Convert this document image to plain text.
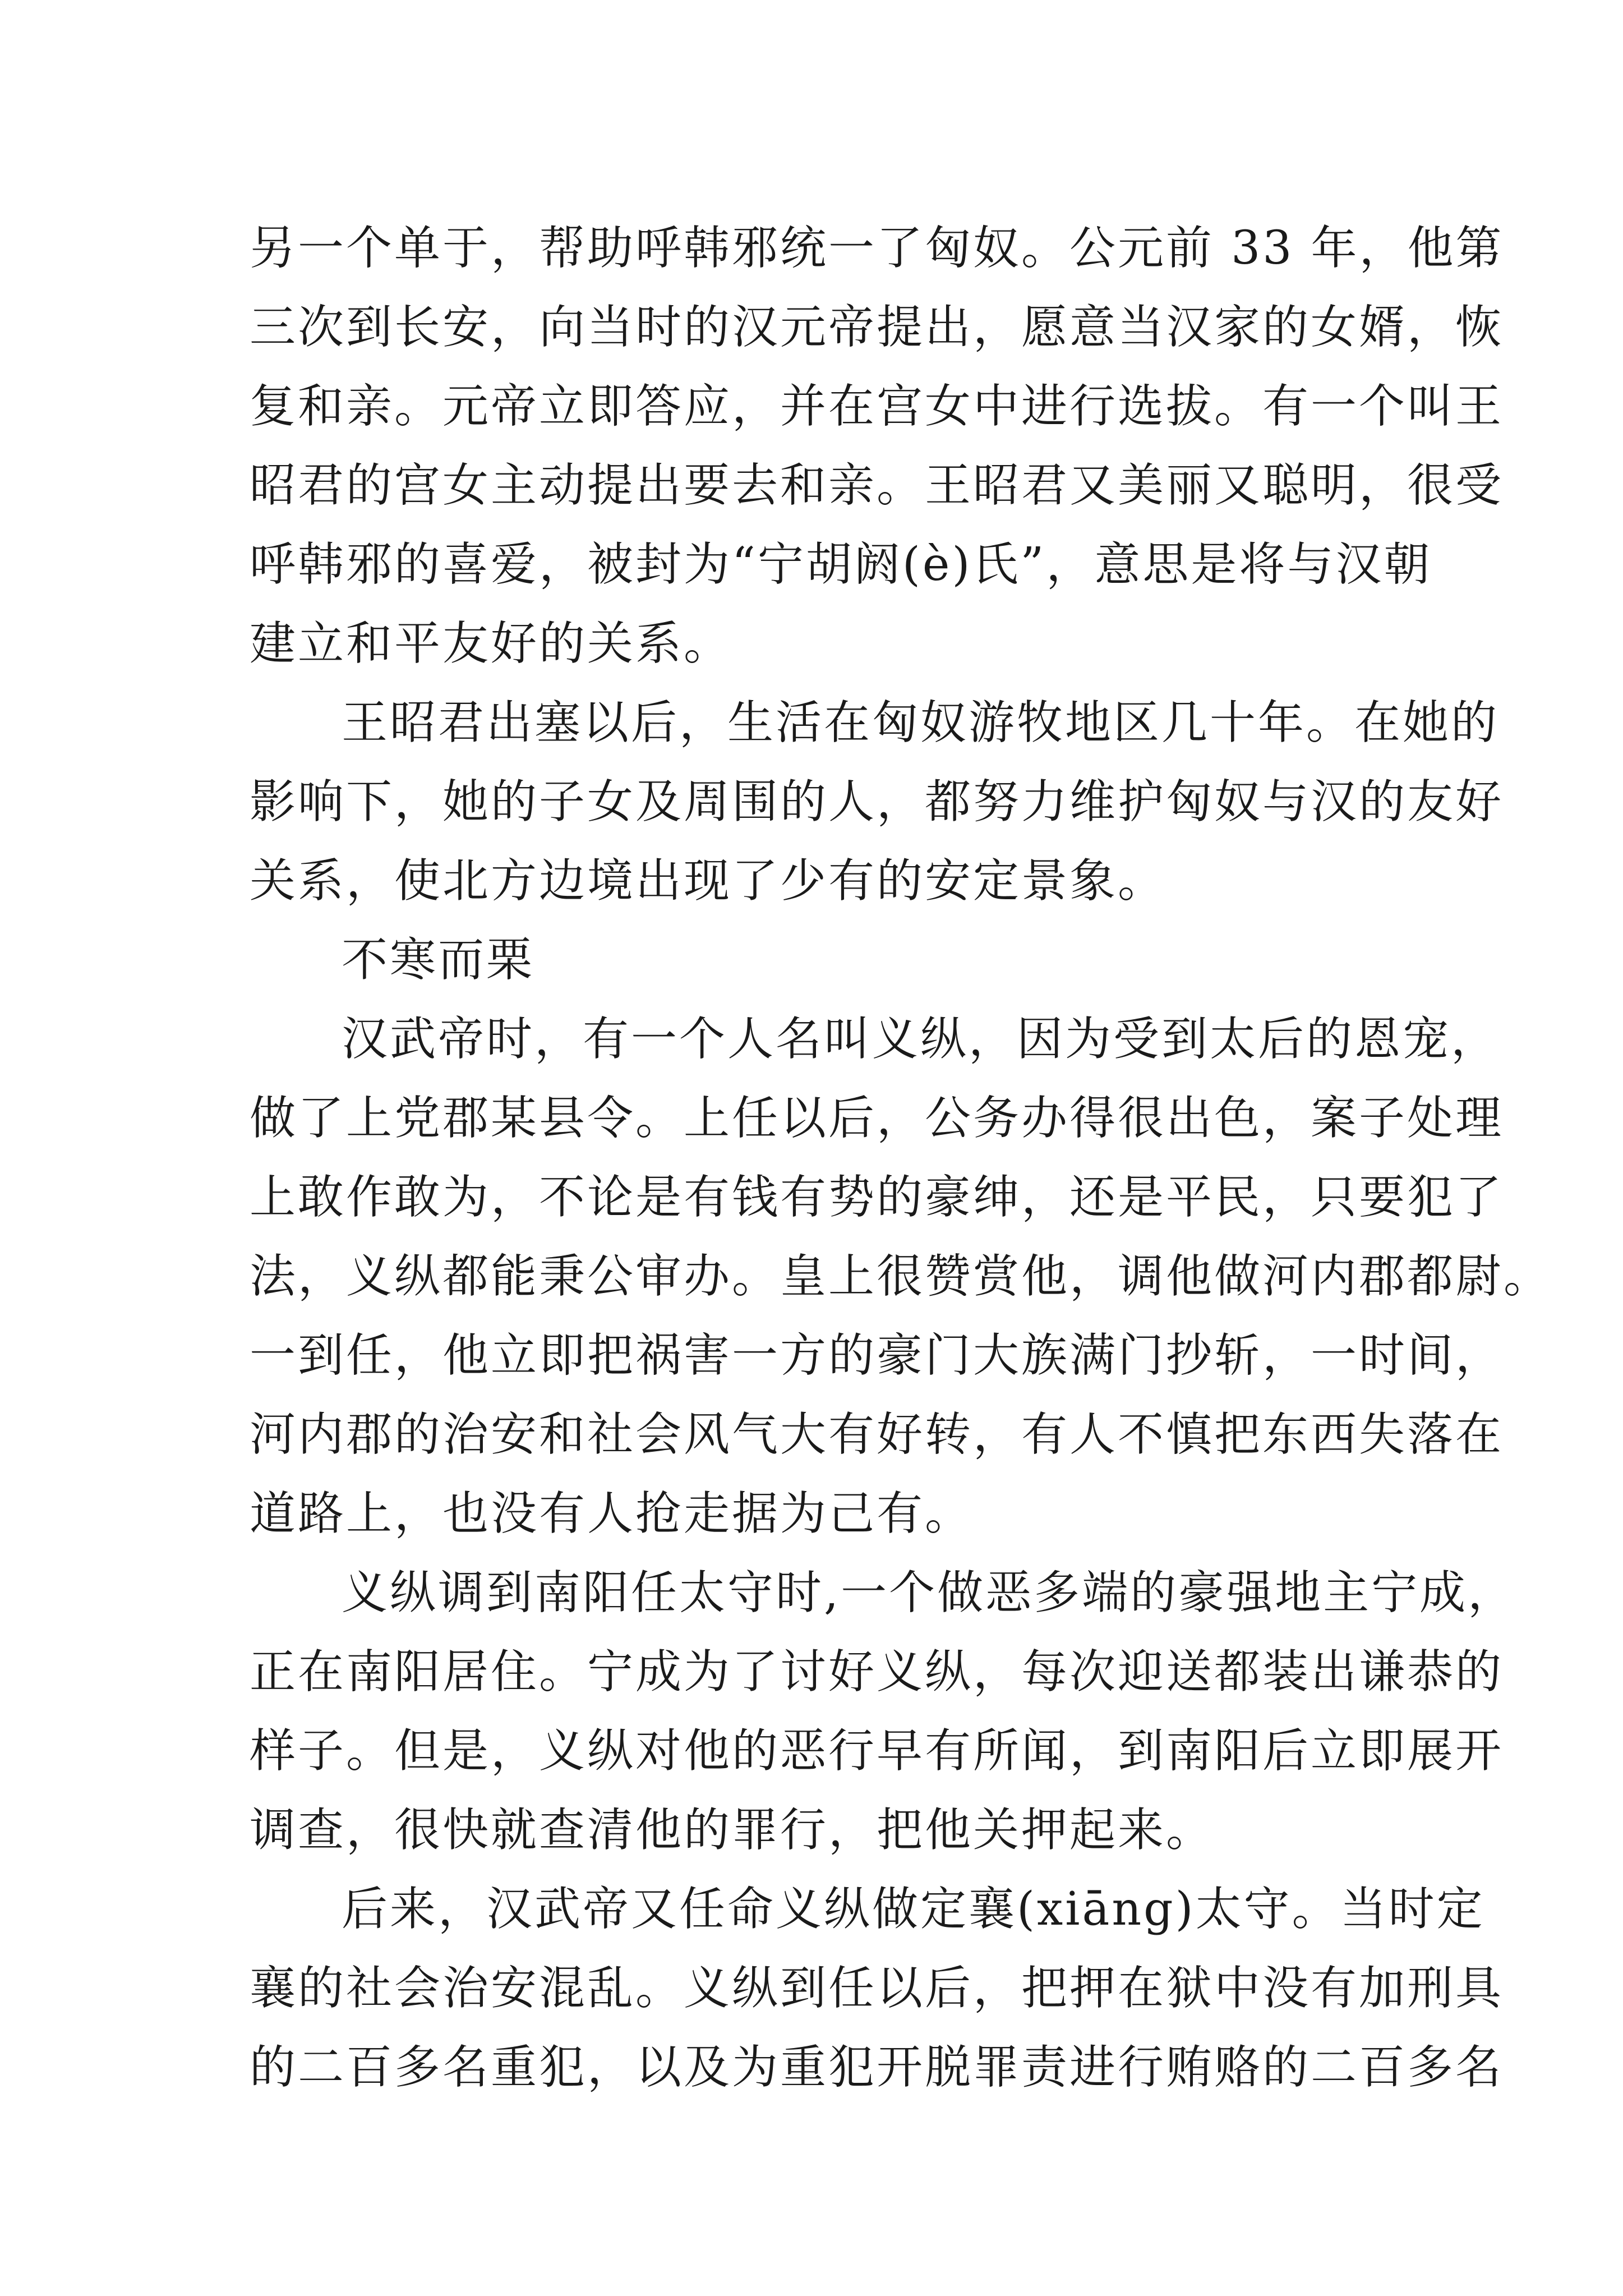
另一个单于，帮助呼韩邪统一了匈奴。公元前 33 年，他第
三次到长安，向当时的汉元帝提出，愿意当汉家的女婿，恢
复和亲。元帝立即答应，并在宫女中进行选拔。有一个叫王
昭君的宫女主动提出要去和亲。王昭君又美丽又聪明，很受
呼韩邪的喜爱，被封为“宁胡阏(è)氏”，意思是将与汉朝
建立和平友好的关系。

王昭君出塞以后，生活在匈奴游牧地区几十年。在她的
影响下，她的子女及周围的人，都努力维护匈奴与汉的友好
关系，使北方边境出现了少有的安定景象。

不寒而栗

汉武帝时，有一个人名叫义纵，因为受到太后的恩宠，
做了上党郡某县令。上任以后，公务办得很出色，案子处理
上敢作敢为，不论是有钱有势的豪绅，还是平民，只要犯了
法，义纵都能秉公审办。皇上很赞赏他，调他做河内郡都尉。
一到任，他立即把祸害一方的豪门大族满门抄斩，一时间，
河内郡的治安和社会风气大有好转，有人不慎把东西失落在
道路上，也没有人抢走据为己有。

义纵调到南阳任太守时,一个做恶多端的豪强地主宁成，
正在南阳居住。宁成为了讨好义纵，每次迎送都装出谦恭的
样子。但是，义纵对他的恶行早有所闻，到南阳后立即展开
调查，很快就查清他的罪行，把他关押起来。

后来，汉武帝又任命义纵做定襄(xiāng)太守。当时定
襄的社会治安混乱。义纵到任以后，把押在狱中没有加刑具
的二百多名重犯，以及为重犯开脱罪责进行贿赂的二百多名
